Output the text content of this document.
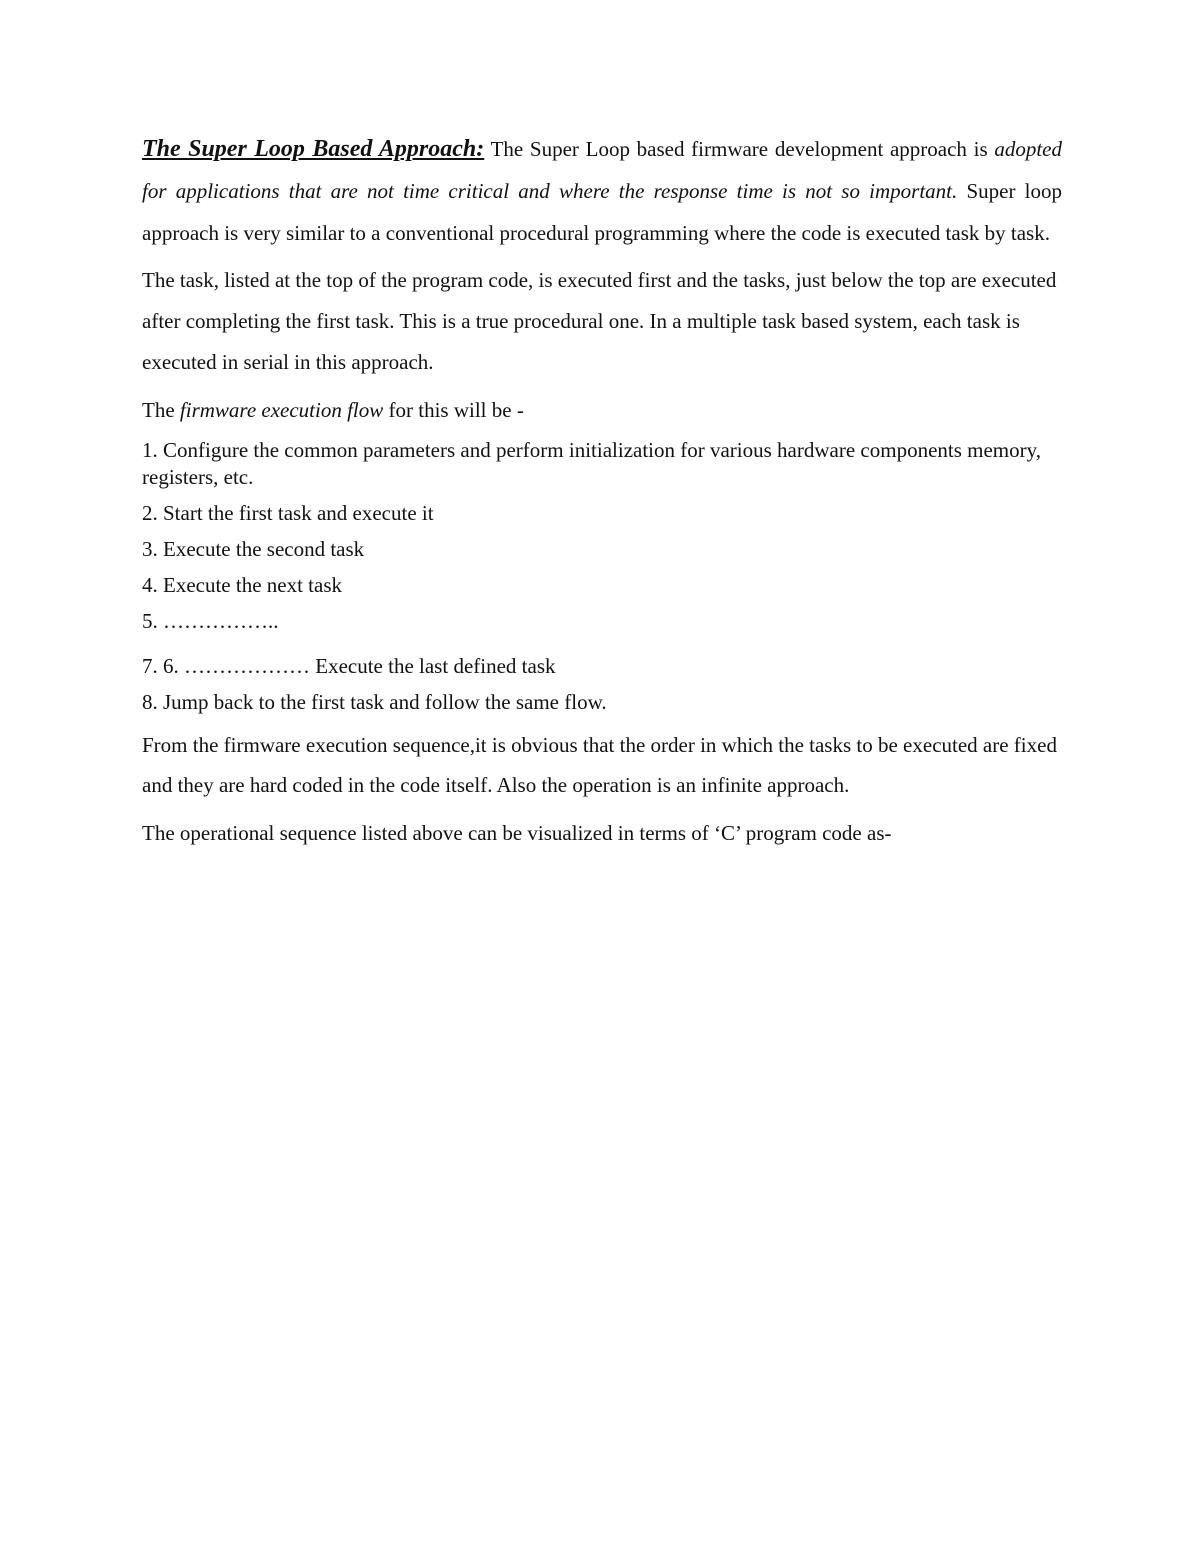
The Super Loop Based Approach: The Super Loop based firmware development approach is adopted for applications that are not time critical and where the response time is not so important. Super loop approach is very similar to a conventional procedural programming where the code is executed task by task.

The task, listed at the top of the program code, is executed first and the tasks, just below the top are executed after completing the first task. This is a true procedural one. In a multiple task based system, each task is executed in serial in this approach.

The firmware execution flow for this will be -

1. Configure the common parameters and perform initialization for various hardware components memory, registers, etc.
2. Start the first task and execute it
3. Execute the second task
4. Execute the next task
5. ……………..
7. 6. ……………… Execute the last defined task
8. Jump back to the first task and follow the same flow.

From the firmware execution sequence,it is obvious that the order in which the tasks to be executed are fixed and they are hard coded in the code itself. Also the operation is an infinite approach.

The operational sequence listed above can be visualized in terms of ‘C’ program code as-
